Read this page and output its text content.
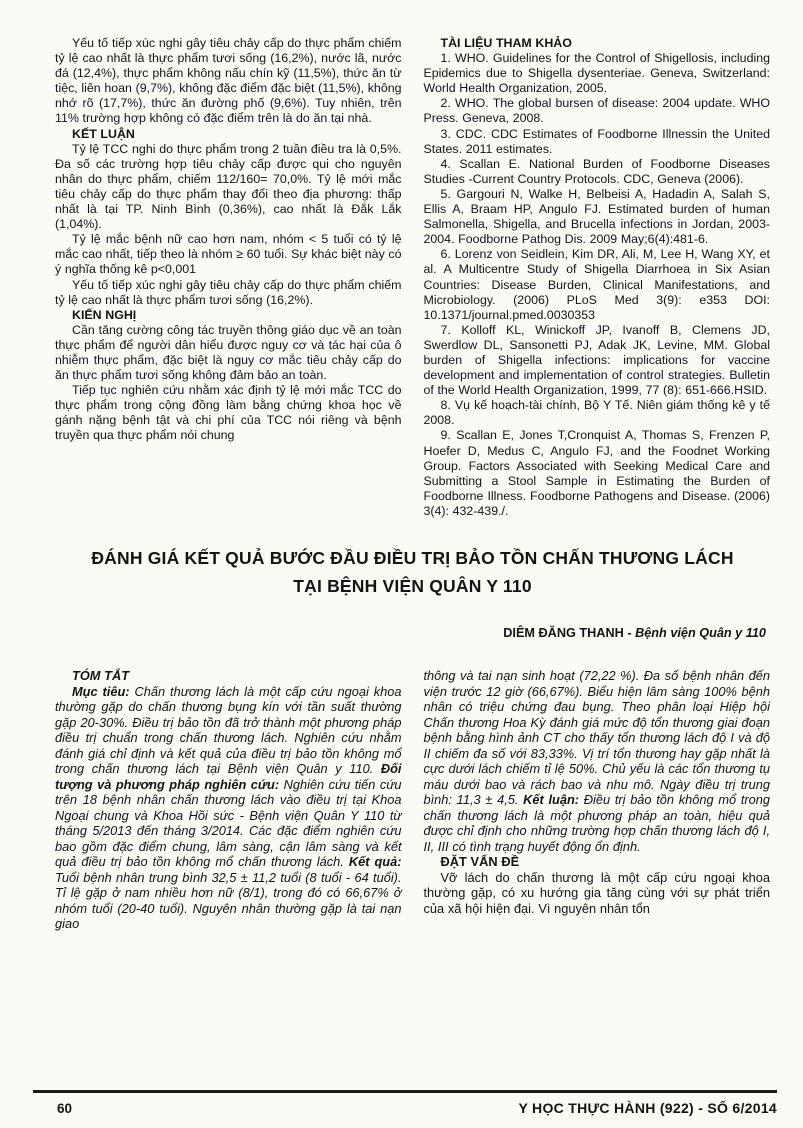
Yếu tố tiếp xúc nghi gây tiêu chảy cấp do thực phẩm chiếm tỷ lệ cao nhất là thực phẩm tươi sống (16,2%), nước lã, nước đá (12,4%), thực phẩm không nấu chín kỹ (11,5%), thức ăn từ tiệc, liên hoan (9,7%), không đặc điểm đặc biệt (11,5%), không nhớ rõ (17,7%), thức ăn đường phố (9,6%). Tuy nhiên, trên 11% trường hợp không có đặc điểm trên là do ăn tại nhà.

KẾT LUẬN

Tỷ lệ TCC nghi do thực phẩm trong 2 tuần điều tra là 0,5%. Đa số các trường hợp tiêu chảy cấp được qui cho nguyên nhân do thực phẩm, chiếm 112/160= 70,0%. Tỷ lệ mới mắc tiêu chảy cấp do thực phẩm thay đổi theo địa phương: thấp nhất là tại TP. Ninh Bình (0,36%), cao nhất là Đắk Lắk (1,04%).

Tỷ lệ mắc bệnh nữ cao hơn nam, nhóm < 5 tuổi có tỷ lệ mắc cao nhất, tiếp theo là nhóm ≥ 60 tuổi. Sự khác biệt này có ý nghĩa thống kê p<0,001

Yếu tố tiếp xúc nghi gây tiêu chảy cấp do thực phẩm chiếm tỷ lệ cao nhất là thực phẩm tươi sống (16,2%).

KIẾN NGHỊ

Cần tăng cường công tác truyền thông giáo dục về an toàn thực phẩm để người dân hiểu được nguy cơ và tác hại của ô nhiễm thực phẩm, đặc biệt là nguy cơ mắc tiêu chảy cấp do ăn thực phẩm tươi sống không đảm bảo an toàn.

Tiếp tục nghiên cứu nhằm xác định tỷ lệ mới mắc TCC do thực phẩm trong cộng đồng làm bằng chứng khoa học về gánh nặng bệnh tật và chi phí của TCC nói riêng và bệnh truyền qua thực phẩm nói chung

TÀI LIỆU THAM KHẢO

1. WHO. Guidelines for the Control of Shigellosis, including Epidemics due to Shigella dysenteriae. Geneva, Switzerland: World Health Organization, 2005.

2. WHO. The global bursen of disease: 2004 update. WHO Press. Geneva, 2008.

3. CDC. CDC Estimates of Foodborne Illnessin the United States. 2011 estimates.

4. Scallan E. National Burden of Foodborne Diseases Studies -Current Country Protocols. CDC, Geneva (2006).

5. Gargouri N, Walke H, Belbeisi A, Hadadin A, Salah S, Ellis A, Braam HP, Angulo FJ. Estimated burden of human Salmonella, Shigella, and Brucella infections in Jordan, 2003-2004. Foodborne Pathog Dis. 2009 May;6(4):481-6.

6. Lorenz von Seidlein, Kim DR, Ali, M, Lee H, Wang XY, et al. A Multicentre Study of Shigella Diarrhoea in Six Asian Countries: Disease Burden, Clinical Manifestations, and Microbiology. (2006) PLoS Med 3(9): e353 DOI: 10.1371/journal.pmed.0030353

7. Kolloff KL, Winickoff JP, Ivanoff B, Clemens JD, Swerdlow DL, Sansonetti PJ, Adak JK, Levine, MM. Global burden of Shigella infections: implications for vaccine development and implementation of control strategies. Bulletin of the World Health Organization, 1999, 77 (8): 651-666.HSID.

8. Vụ kế hoạch-tài chính, Bộ Y Tế. Niên giám thống kê y tế 2008.

9. Scallan E, Jones T,Cronquist A, Thomas S, Frenzen P, Hoefer D, Medus C, Angulo FJ, and the Foodnet Working Group. Factors Associated with Seeking Medical Care and Submitting a Stool Sample in Estimating the Burden of Foodborne Illness. Foodborne Pathogens and Disease. (2006) 3(4): 432-439./.

ĐÁNH GIÁ KẾT QUẢ BƯỚC ĐẦU ĐIỀU TRỊ BẢO TỒN CHẤN THƯƠNG LÁCH
TẠI BỆNH VIỆN QUÂN Y 110
DIÊM ĐĂNG THANH - Bệnh viện Quân y 110

TÓM TẮT

Mục tiêu: Chấn thương lách là một cấp cứu ngoại khoa thường gặp do chấn thương bụng kín với tần suất thường gặp 20-30%. Điều trị bảo tồn đã trở thành một phương pháp điều trị chuẩn trong chấn thương lách. Nghiên cứu nhằm đánh giá chỉ định và kết quả của điều trị bảo tồn không mổ trong chấn thương lách tại Bệnh viện Quân y 110. Đối tượng và phương pháp nghiên cứu: Nghiên cứu tiến cứu trên 18 bệnh nhân chấn thương lách vào điều trị tại Khoa Ngoại chung và Khoa Hồi sức - Bệnh viện Quân Y 110 từ tháng 5/2013 đến tháng 3/2014. Các đặc điểm nghiên cứu bao gồm đặc điểm chung, lâm sàng, cận lâm sàng và kết quả điều trị bảo tồn không mổ chấn thương lách. Kết quả: Tuổi bệnh nhân trung bình 32,5 ± 11,2 tuổi (8 tuổi - 64 tuổi). Tỉ lệ gặp ở nam nhiều hơn nữ (8/1), trong đó có 66,67% ở nhóm tuổi (20-40 tuổi). Nguyên nhân thường gặp là tai nạn giao

thông và tai nạn sinh hoạt (72,22 %). Đa số bệnh nhân đến viện trước 12 giờ (66,67%). Biểu hiện lâm sàng 100% bệnh nhân có triệu chứng đau bụng. Theo phân loại Hiệp hội Chấn thương Hoa Kỳ đánh giá mức độ tổn thương giai đoạn bệnh bằng hình ảnh CT cho thấy tổn thương lách độ I và độ II chiếm đa số với 83,33%. Vị trí tổn thương hay gặp nhất là cực dưới lách chiếm tỉ lệ 50%. Chủ yếu là các tổn thương tụ máu dưới bao và rách bao và nhu mô. Ngày điều trị trung bình: 11,3 ± 4,5. Kết luận: Điều trị bảo tồn không mổ trong chấn thương lách là một phương pháp an toàn, hiệu quả được chỉ định cho những trường hợp chấn thương lách độ I, II, III có tình trạng huyết động ổn định.

ĐẶT VẤN ĐỀ

Vỡ lách do chấn thương là một cấp cứu ngoại khoa thường gặp, có xu hướng gia tăng cùng với sự phát triển của xã hội hiện đại. Vì nguyên nhân tổn

60	Y HỌC THỰC HÀNH (922) - SỐ 6/2014
